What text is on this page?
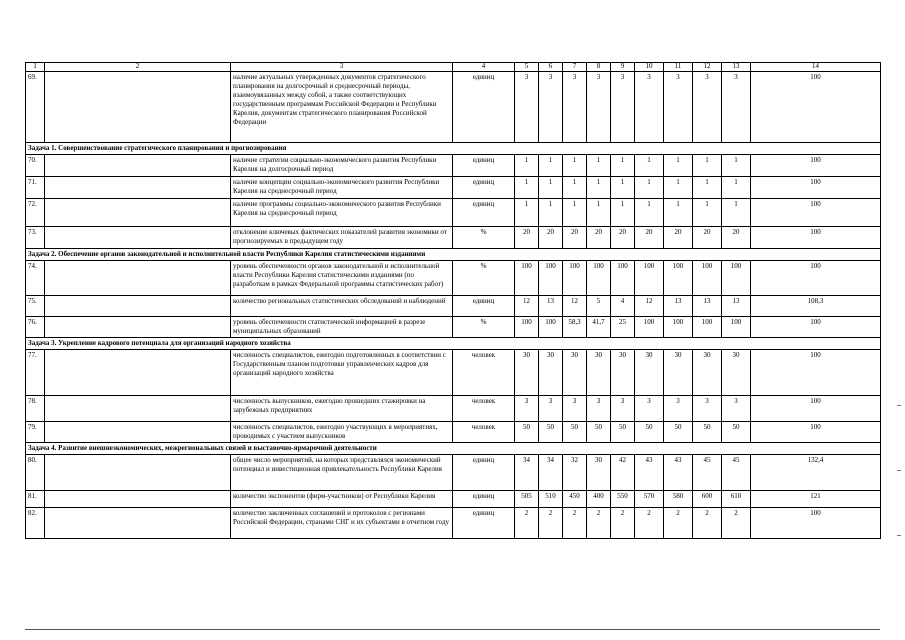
1	2	3	4	5	6	7	8	9	10	11	12	13	14
69.		наличие актуальных утвержденных документов стратегического планирования на долгосрочный и среднесрочный периоды, взаимоувязанных между собой, а также соответствующих государственным программам Российской Федерации и Республики Карелия, документам стратегического планирования Российской Федерации	единиц	3	3	3	3	3	3	3	3	3	100
Задача 1. Совершенствование стратегического планирования и прогнозирования													
70.		наличие стратегии социально-экономического развития Республики Карелия на долгосрочный период	единиц	1	1	1	1	1	1	1	1	1	100
71.		наличие концепции социально-экономического развития Республики Карелия на среднесрочный период	единиц	1	1	1	1	1	1	1	1	1	100
72.		наличие программы социально-экономического развития Республики Карелия на среднесрочный период	единиц	1	1	1	1	1	1	1	1	1	100
73.		отклонение ключевых фактических показателей развития экономики от прогнозируемых в предыдущем году	%	20	20	20	20	20	20	20	20	20	100
Задача 2. Обеспечение органов законодательной и исполнительной власти Республики Карелия статистическими изданиями													
74.		уровень обеспеченности органов законодательной и исполнительной власти Республики Карелия статистическими изданиями (по разработкам в рамках Федеральной программы статистических работ)	%	100	100	100	100	100	100	100	100	100	100
75.		количество региональных статистических обследований и наблюдений	единиц	12	13	12	5	4	12	13	13	13	108,3
76.		уровень обеспеченности статистической информацией в разрезе муниципальных образований	%	100	100	58,3	41,7	25	100	100	100	100	100
Задача 3. Укрепление кадрового потенциала для организаций народного хозяйства													
77.		численность специалистов, ежегодно подготовленных в соответствии с Государственным планом подготовки управленческих кадров для организаций народного хозяйства	человек	30	30	30	30	30	30	30	30	30	100
78.		численность выпускников, ежегодно прошедших стажировки на зарубежных предприятиях	человек	3	3	3	3	3	3	3	3	3	100
79.		численность специалистов, ежегодно участвующих в мероприятиях, проводимых с участием выпускников	человек	50	50	50	50	50	50	50	50	50	100
Задача 4. Развитие внешнеэкономических, межрегиональных связей и выставочно-ярмарочной деятельности													
80.		общее число мероприятий, на которых представлялся экономический потенциал и инвестиционная привлекательность Республики Карелия	единиц	34	34	32	30	42	43	43	45	45	132,4
81.		количество экспонентов (фирм-участников) от Республики Карелия	единиц	505	510	450	400	550	570	580	600	610	121
82.		количество заключенных соглашений и протоколов с регионами Российской Федерации, странами СНГ и их субъектами в отчетном году	единиц	2	2	2	2	2	2	2	2	2	100
